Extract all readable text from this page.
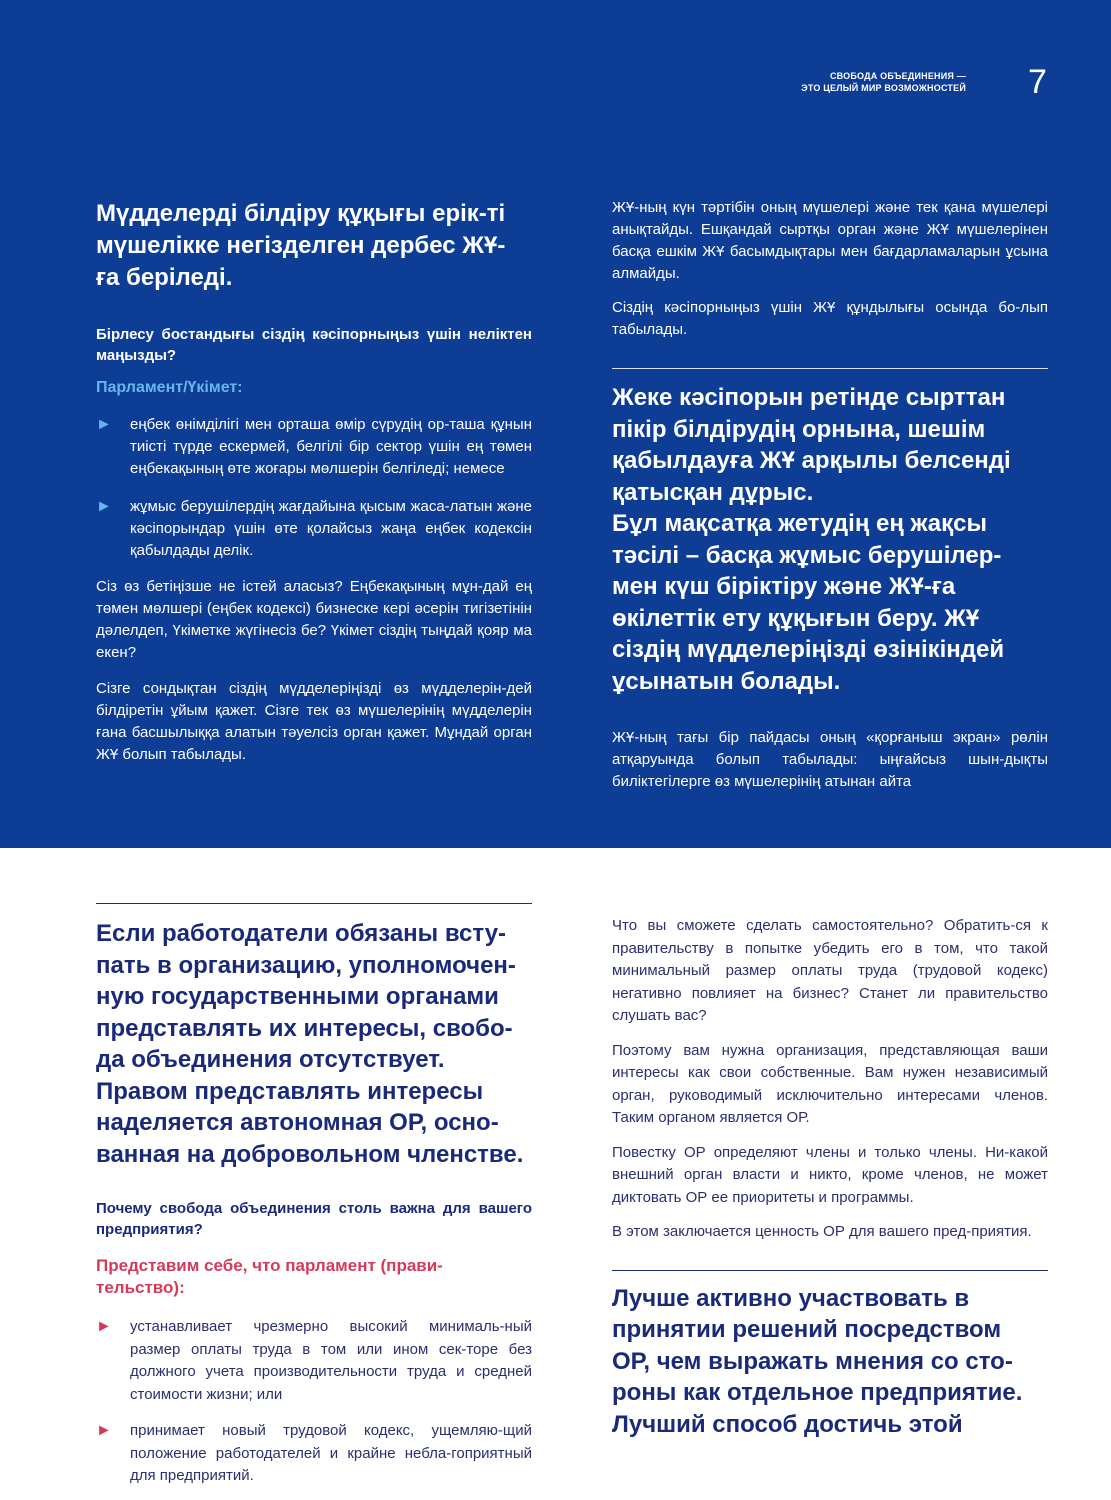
СВОБОДА ОБЪЕДИНЕНИЯ —
ЭТО ЦЕЛЫЙ МИР ВОЗМОЖНОСТЕЙ 7

Мүдделерді білдіру құқығы ерік-ті мүшелікке негізделген дербес ЖҰ-ға беріледі.

Бірлесу бостандығы сіздің кәсіпорныңыз үшін неліктен маңызды?

Парламент/Үкімет:

►	еңбек өнімділігі мен орташа өмір сүрудің ор-таша құнын тиісті түрде ескермей, белгілі бір сектор үшін ең төмен еңбекақының өте жоғары мөлшерін белгіледі; немесе

►	жұмыс берушілердің жағдайына қысым жаса-латын және кәсіпорындар үшін өте қолайсыз жаңа еңбек кодексін қабылдады делік.

Сіз өз бетіңізше не істей аласыз? Еңбекақының мұн-дай ең төмен мөлшері (еңбек кодексі) бизнеске кері әсерін тигізетінін дәлелдеп, Үкіметке жүгінесіз бе? Үкімет сіздің тыңдай қояр ма екен?

Сізге сондықтан сіздің мүдделеріңізді өз мүдделерін-дей білдіретін ұйым қажет. Сізге тек өз мүшелерінің мүдделерін ғана басшылыққа алатын тәуелсіз орган қажет. Мұндай орган ЖҰ болып табылады.

ЖҰ-ның күн тәртібін оның мүшелері және тек қана мүшелері анықтайды. Ешқандай сыртқы орган және ЖҰ мүшелерінен басқа ешкім ЖҰ басымдықтары мен бағдарламаларын ұсына алмайды.

Сіздің кәсіпорныңыз үшін ЖҰ құндылығы осында бо-лып табылады.

Жеке кәсіпорын ретінде сырттан
пікір білдірудің орнына, шешім
қабылдауға ЖҰ арқылы белсенді
қатысқан дұрыс.
Бұл мақсатқа жетудің ең жақсы
тәсілі – басқа жұмыс берушілер-
мен күш біріктіру және ЖҰ-ға
өкілеттік ету құқығын беру. ЖҰ
сіздің мүдделеріңізді өзінікіндей
ұсынатын болады.

ЖҰ-ның тағы бір пайдасы оның «қорғаныш экран» рөлін атқаруында болып табылады: ыңғайсыз шын-дықты биліктегілерге өз мүшелерінің атынан айта

Если работодатели обязаны всту-
пать в организацию, уполномочен-
ную государственными органами
представлять их интересы, свобо-
да объединения отсутствует.
Правом представлять интересы
наделяется автономная ОР, осно-
ванная на добровольном членстве.

Почему свобода объединения столь важна для вашего предприятия?

Представим себе, что парламент (прави-
тельство):
►	устанавливает чрезмерно высокий минималь-ный размер оплаты труда в том или ином сек-торе без должного учета производительности труда и средней стоимости жизни; или

►	принимает новый трудовой кодекс, ущемляю-щий положение работодателей и крайне небла-гоприятный для предприятий.

Что вы сможете сделать самостоятельно? Обратить-ся к правительству в попытке убедить его в том, что такой минимальный размер оплаты труда (трудовой кодекс) негативно повлияет на бизнес? Станет ли правительство слушать вас?

Поэтому вам нужна организация, представляющая ваши интересы как свои собственные. Вам нужен независимый орган, руководимый исключительно интересами членов. Таким органом является ОР.

Повестку ОР определяют члены и только члены. Ни-какой внешний орган власти и никто, кроме членов, не может диктовать ОР ее приоритеты и программы.

В этом заключается ценность ОР для вашего пред-приятия.

Лучше активно участвовать в
принятии решений посредством
ОР, чем выражать мнения со сто-
роны как отдельное предприятие.
Лучший способ достичь этой
